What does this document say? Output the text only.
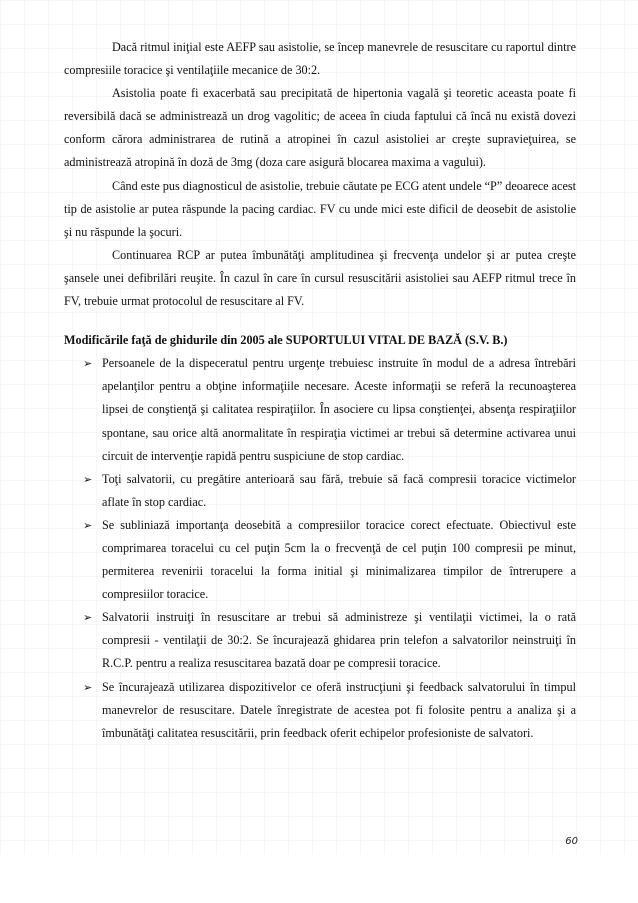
Dacă ritmul iniţial este AEFP sau asistolie, se încep manevrele de resuscitare cu raportul dintre compresiile toracice şi ventilaţiile mecanice de 30:2.

Asistolia poate fi exacerbată sau precipitată de hipertonia vagală şi teoretic aceasta poate fi reversibilă dacă se administrează un drog vagolitic; de aceea în ciuda faptului că încă nu există dovezi conform cărora administrarea de rutină a atropinei în cazul asistoliei ar creşte supravieţuirea, se administrează atropină în doză de 3mg (doza care asigură blocarea maxima a vagului).

Când este pus diagnosticul de asistolie, trebuie căutate pe ECG atent undele “P” deoarece acest tip de asistolie ar putea răspunde la pacing cardiac. FV cu unde mici este dificil de deosebit de asistolie şi nu răspunde la şocuri.

Continuarea RCP ar putea îmbunătăţi amplitudinea şi frecvenţa undelor şi ar putea creşte şansele unei defibrilări reuşite. În cazul în care în cursul resuscitării asistoliei sau AEFP ritmul trece în FV, trebuie urmat protocolul de resuscitare al FV.

Modificările faţă de ghidurile din 2005 ale SUPORTULUI VITAL DE BAZĂ (S.V. B.)
➢ Persoanele de la dispeceratul pentru urgenţe trebuiesc instruite în modul de a adresa întrebări apelanţilor pentru a obţine informaţiile necesare. Aceste informaţii se referă la recunoaşterea lipsei de conştienţă şi calitatea respiraţiilor. În asociere cu lipsa conştienţei, absenţa respiraţiilor spontane, sau orice altă anormalitate în respiraţia victimei ar trebui să determine activarea unui circuit de intervenţie rapidă pentru suspiciune de stop cardiac.
➢ Toţi salvatorii, cu pregătire anterioară sau fără, trebuie să facă compresii toracice victimelor aflate în stop cardiac.
➢ Se subliniază importanţa deosebită a compresiilor toracice corect efectuate. Obiectivul este comprimarea toracelui cu cel puţin 5cm la o frecvenţă de cel puţin 100 compresii pe minut, permiterea revenirii toracelui la forma initial şi minimalizarea timpilor de întrerupere a compresiilor toracice.
➢ Salvatorii instruiţi în resuscitare ar trebui să administreze şi ventilaţii victimei, la o rată compresii - ventilaţii de 30:2. Se încurajează ghidarea prin telefon a salvatorilor neinstruiţi în R.C.P. pentru a realiza resuscitarea bazată doar pe compresii toracice.
➢ Se încurajează utilizarea dispozitivelor ce oferă instrucţiuni şi feedback salvatorului în timpul manevrelor de resuscitare. Datele înregistrate de acestea pot fi folosite pentru a analiza şi a îmbunătăţi calitatea resuscitării, prin feedback oferit echipelor profesioniste de salvatori.
60
